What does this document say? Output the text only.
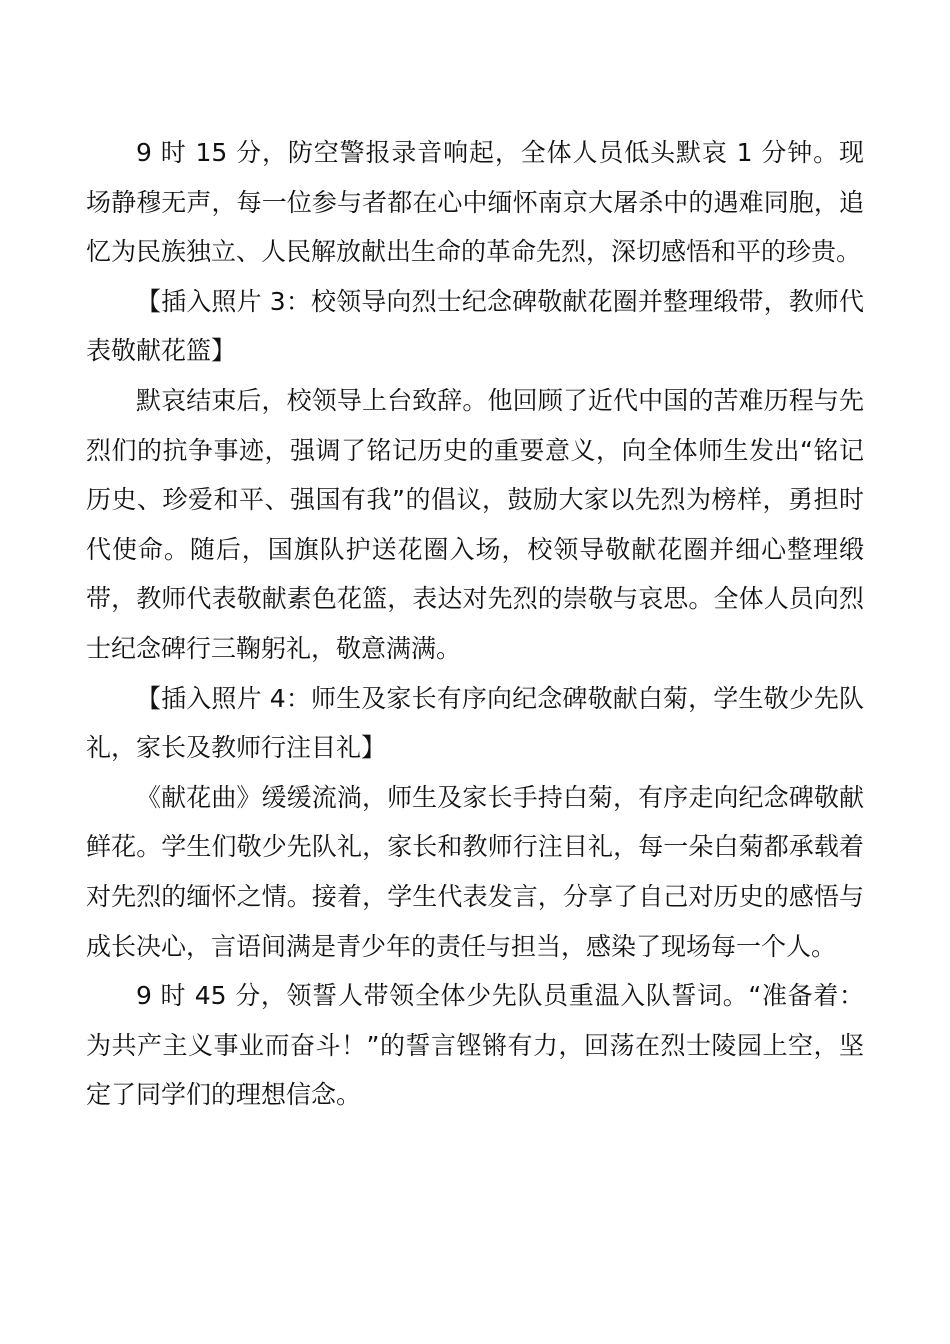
9 时 15 分，防空警报录音响起，全体人员低头默哀 1 分钟。现场静穆无声，每一位参与者都在心中缅怀南京大屠杀中的遇难同胞，追忆为民族独立、人民解放献出生命的革命先烈，深切感悟和平的珍贵。

【插入照片 3：校领导向烈士纪念碑敬献花圈并整理缎带，教师代表敬献花篮】

默哀结束后，校领导上台致辞。他回顾了近代中国的苦难历程与先烈们的抗争事迹，强调了铭记历史的重要意义，向全体师生发出“铭记历史、珍爱和平、强国有我”的倡议，鼓励大家以先烈为榜样，勇担时代使命。随后，国旗队护送花圈入场，校领导敬献花圈并细心整理缎带，教师代表敬献素色花篮，表达对先烈的崇敬与哀思。全体人员向烈士纪念碑行三鞠躬礼，敬意满满。

【插入照片 4：师生及家长有序向纪念碑敬献白菊，学生敬少先队礼，家长及教师行注目礼】

《献花曲》缓缓流淌，师生及家长手持白菊，有序走向纪念碑敬献鲜花。学生们敬少先队礼，家长和教师行注目礼，每一朵白菊都承载着对先烈的缅怀之情。接着，学生代表发言，分享了自己对历史的感悟与成长决心，言语间满是青少年的责任与担当，感染了现场每一个人。

9 时 45 分，领誓人带领全体少先队员重温入队誓词。“准备着：为共产主义事业而奋斗！”的誓言铿锵有力，回荡在烈士陵园上空，坚定了同学们的理想信念。
